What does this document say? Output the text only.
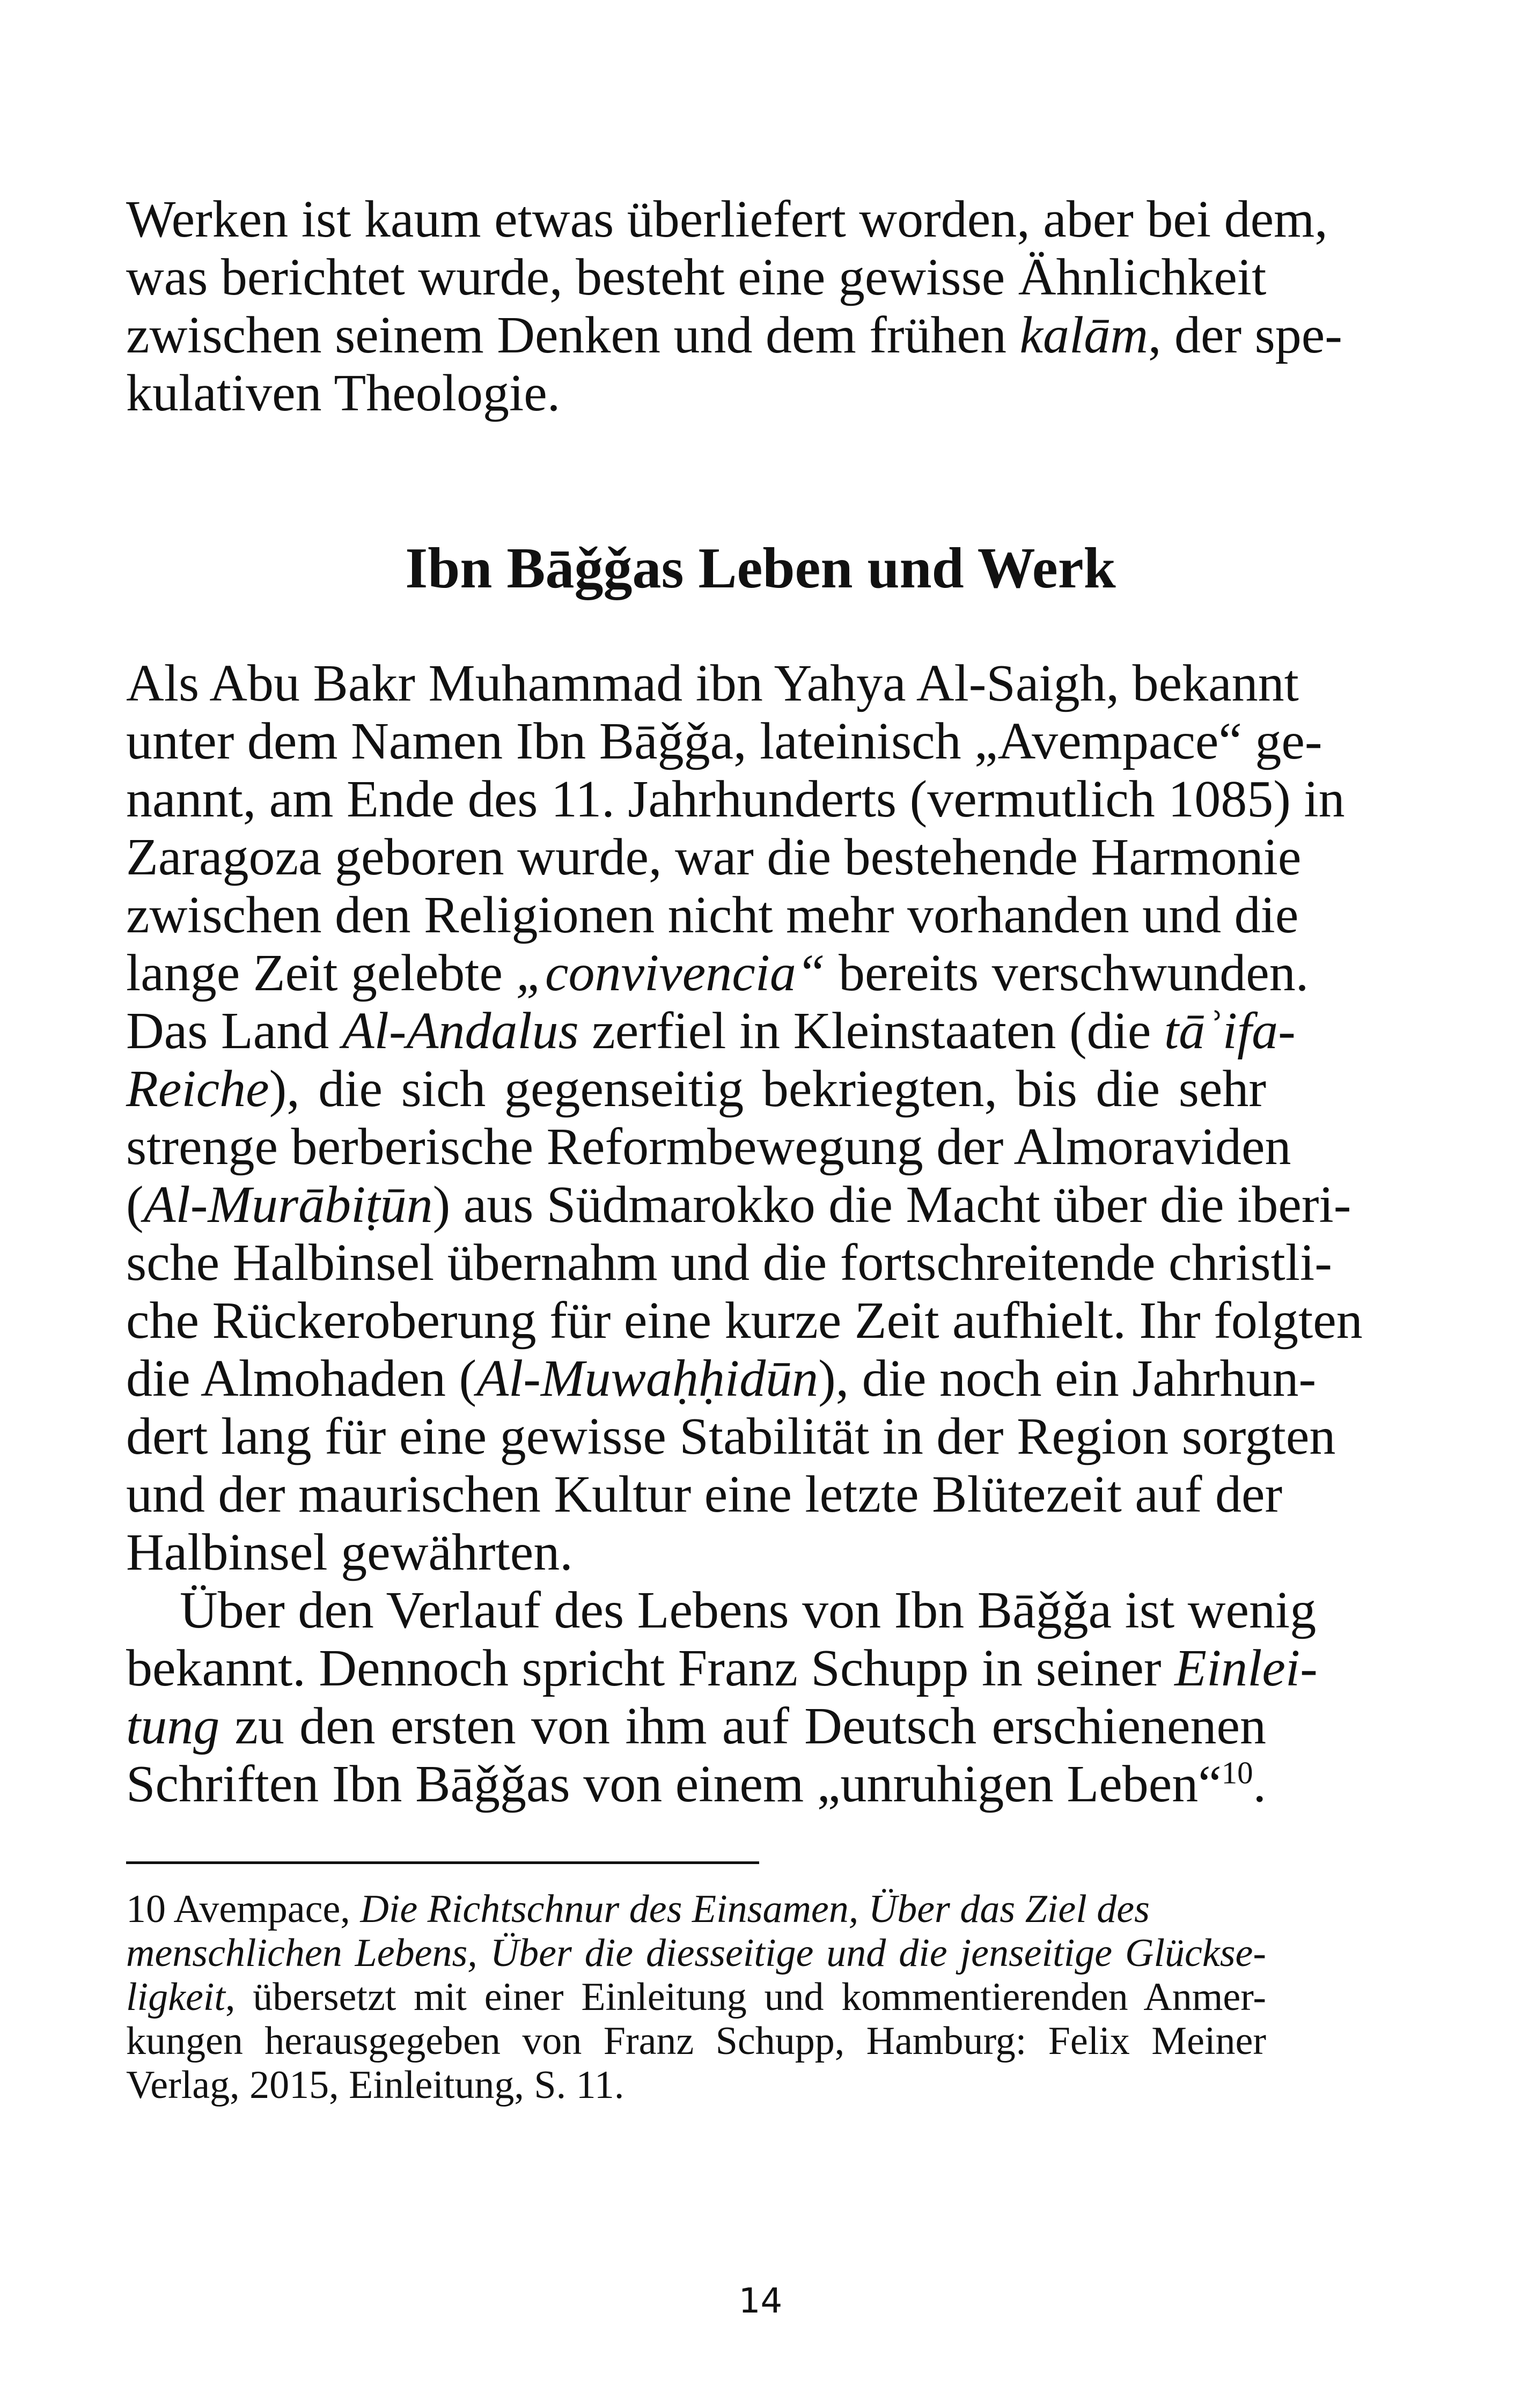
Werken ist kaum etwas überliefert worden, aber bei dem,
was berichtet wurde, besteht eine gewisse Ähnlichkeit
zwischen seinem Denken und dem frühen kalām, der spe-
kulativen Theologie.
Ibn Bāǧǧas Leben und Werk
Als Abu Bakr Muhammad ibn Yahya Al-Saigh, bekannt
unter dem Namen Ibn Bāǧǧa, lateinisch „Avempace“ ge-
nannt, am Ende des 11. Jahrhunderts (vermutlich 1085) in
Zaragoza geboren wurde, war die bestehende Harmonie
zwischen den Religionen nicht mehr vorhanden und die
lange Zeit gelebte „convivencia“ bereits verschwunden.
Das Land Al-Andalus zerfiel in Kleinstaaten (die tāʾifa-
Reiche), die sich gegenseitig bekriegten, bis die sehr
strenge berberische Reformbewegung der Almoraviden
(Al-Murābiṭūn) aus Südmarokko die Macht über die iberi-
sche Halbinsel übernahm und die fortschreitende christli-
che Rückeroberung für eine kurze Zeit aufhielt. Ihr folgten
die Almohaden (Al-Muwaḥḥidūn), die noch ein Jahrhun-
dert lang für eine gewisse Stabilität in der Region sorgten
und der maurischen Kultur eine letzte Blütezeit auf der
Halbinsel gewährten.
Über den Verlauf des Lebens von Ibn Bāǧǧa ist wenig
bekannt. Dennoch spricht Franz Schupp in seiner Einlei-
tung zu den ersten von ihm auf Deutsch erschienenen
Schriften Ibn Bāǧǧas von einem „unruhigen Leben“$^{10}$.
10 Avempace, Die Richtschnur des Einsamen, Über das Ziel des
menschlichen Lebens, Über die diesseitige und die jenseitige Glückse-
ligkeit, übersetzt mit einer Einleitung und kommentierenden Anmer-
kungen herausgegeben von Franz Schupp, Hamburg: Felix Meiner
Verlag, 2015, Einleitung, S. 11.
14
